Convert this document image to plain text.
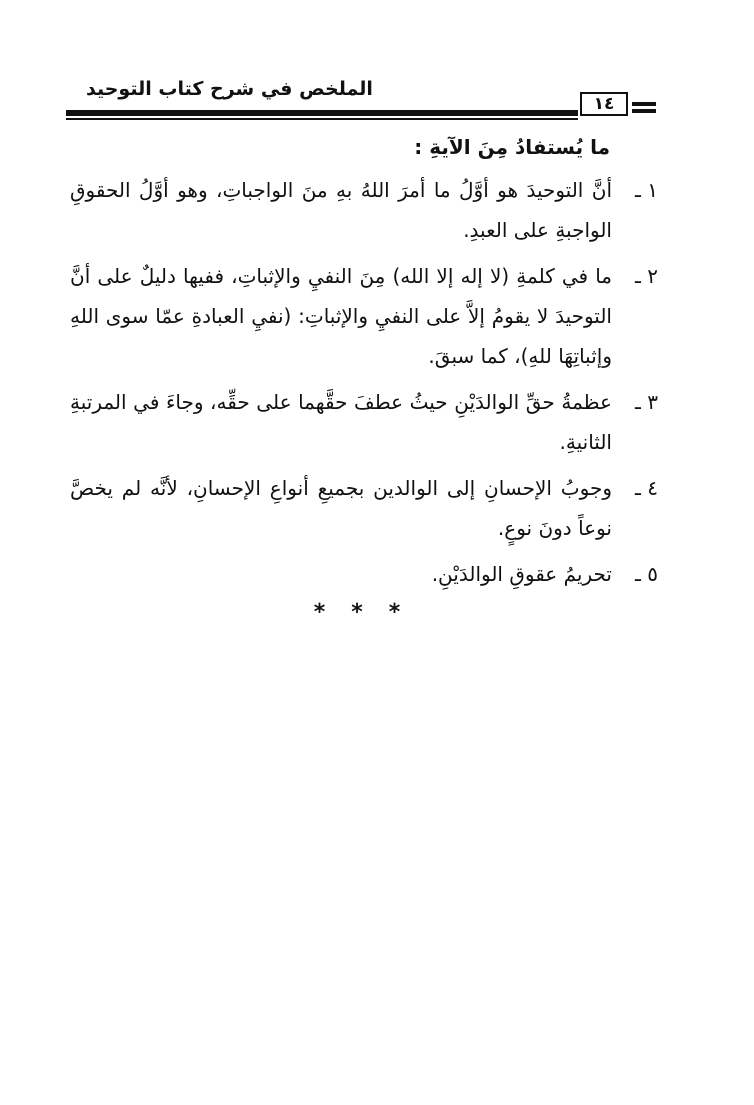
الملخص في شرح كتاب التوحيد
١٤
ما يُستفادُ مِنَ الآيةِ :
١ ـ
أنَّ التوحيدَ هو أوَّلُ ما أمرَ اللهُ بهِ منَ الواجباتِ، وهو أوَّلُ الحقوقِ الواجبةِ على العبدِ.
٢ ـ
ما في كلمةِ (لا إله إلا الله) مِنَ النفيِ والإثباتِ، ففيها دليلٌ على أنَّ التوحيدَ لا يقومُ إلاَّ على النفيِ والإثباتِ: (نفيِ العبادةِ عمّا سوى اللهِ وإثباتِهَا للهِ)، كما سبقَ.
٣ ـ
عظمةُ حقِّ الوالدَيْنِ حيثُ عطفَ حقَّهما على حقِّه، وجاءَ في المرتبةِ الثانيةِ.
٤ ـ
وجوبُ الإحسانِ إلى الوالدين بجميعِ أنواعِ الإحسانِ، لأنَّه لم يخصَّ نوعاً دونَ نوعٍ.
٥ ـ
تحريمُ عقوقِ الوالدَيْنِ.
***
